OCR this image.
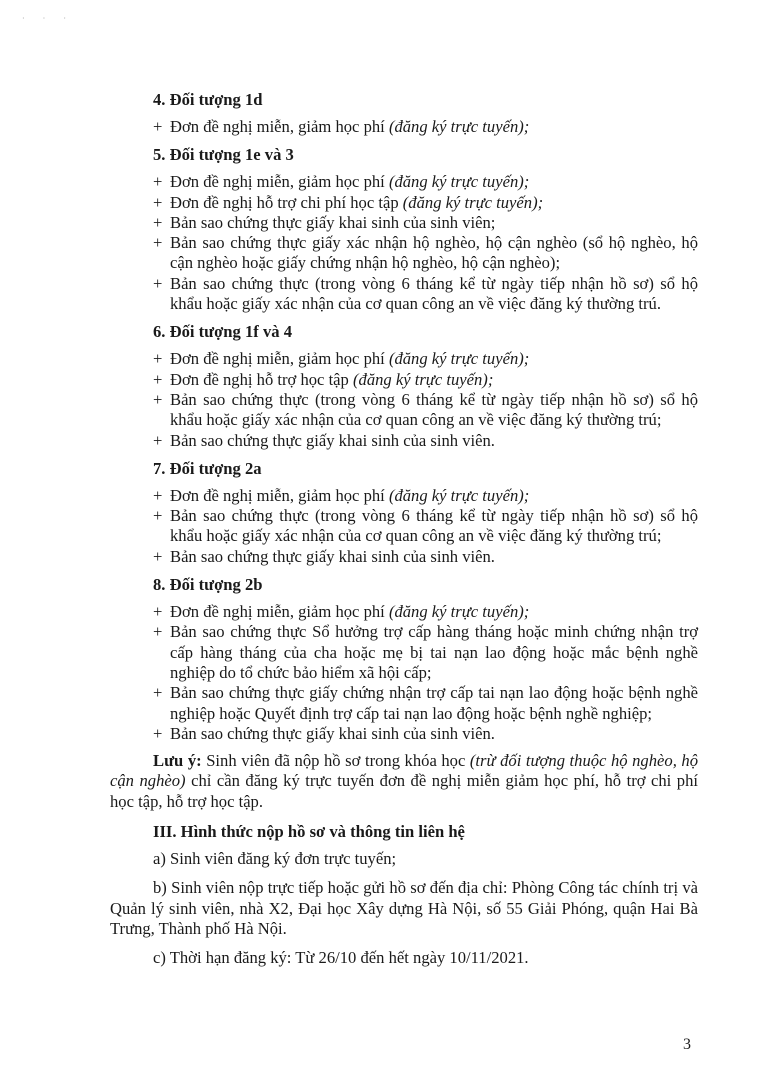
· · ·
4. Đối tượng 1d
+ Đơn đề nghị miễn, giảm học phí (đăng ký trực tuyến);
5. Đối tượng 1e và 3
+ Đơn đề nghị miễn, giảm học phí (đăng ký trực tuyến);
+ Đơn đề nghị hỗ trợ chi phí học tập (đăng ký trực tuyến);
+ Bản sao chứng thực giấy khai sinh của sinh viên;
+ Bản sao chứng thực giấy xác nhận hộ nghèo, hộ cận nghèo (sổ hộ nghèo, hộ cận nghèo hoặc giấy chứng nhận hộ nghèo, hộ cận nghèo);
+ Bản sao chứng thực (trong vòng 6 tháng kể từ ngày tiếp nhận hồ sơ) sổ hộ khẩu hoặc giấy xác nhận của cơ quan công an về việc đăng ký thường trú.
6. Đối tượng 1f và 4
+ Đơn đề nghị miễn, giảm học phí (đăng ký trực tuyến);
+ Đơn đề nghị hỗ trợ học tập (đăng ký trực tuyến);
+ Bản sao chứng thực (trong vòng 6 tháng kể từ ngày tiếp nhận hồ sơ) sổ hộ khẩu hoặc giấy xác nhận của cơ quan công an về việc đăng ký thường trú;
+ Bản sao chứng thực giấy khai sinh của sinh viên.
7. Đối tượng 2a
+ Đơn đề nghị miễn, giảm học phí (đăng ký trực tuyến);
+ Bản sao chứng thực (trong vòng 6 tháng kể từ ngày tiếp nhận hồ sơ) sổ hộ khẩu hoặc giấy xác nhận của cơ quan công an về việc đăng ký thường trú;
+ Bản sao chứng thực giấy khai sinh của sinh viên.
8. Đối tượng 2b
+ Đơn đề nghị miễn, giảm học phí (đăng ký trực tuyến);
+ Bản sao chứng thực Sổ hưởng trợ cấp hàng tháng hoặc minh chứng nhận trợ cấp hàng tháng của cha hoặc mẹ bị tai nạn lao động hoặc mắc bệnh nghề nghiệp do tổ chức bảo hiểm xã hội cấp;
+ Bản sao chứng thực giấy chứng nhận trợ cấp tai nạn lao động hoặc bệnh nghề nghiệp hoặc Quyết định trợ cấp tai nạn lao động hoặc bệnh nghề nghiệp;
+ Bản sao chứng thực giấy khai sinh của sinh viên.

Lưu ý: Sinh viên đã nộp hồ sơ trong khóa học (trừ đối tượng thuộc hộ nghèo, hộ cận nghèo) chỉ cần đăng ký trực tuyến đơn đề nghị miễn giảm học phí, hỗ trợ chi phí học tập, hỗ trợ học tập.

III. Hình thức nộp hồ sơ và thông tin liên hệ

a) Sinh viên đăng ký đơn trực tuyến;

b) Sinh viên nộp trực tiếp hoặc gửi hồ sơ đến địa chỉ: Phòng Công tác chính trị và Quản lý sinh viên, nhà X2, Đại học Xây dựng Hà Nội, số 55 Giải Phóng, quận Hai Bà Trưng, Thành phố Hà Nội.

c) Thời hạn đăng ký: Từ 26/10 đến hết ngày 10/11/2021.

3
